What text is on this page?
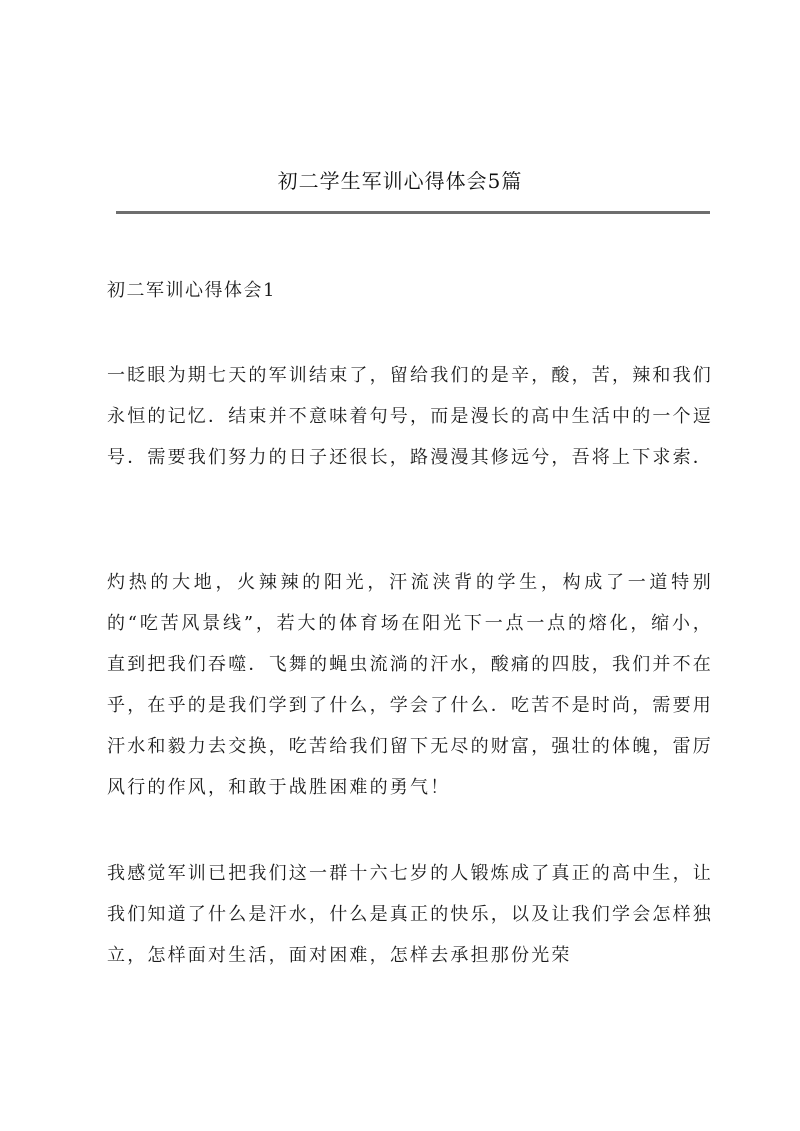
初二学生军训心得体会5篇
初二军训心得体会1

一眨眼为期七天的军训结束了，留给我们的是辛，酸，苦，辣和我们永恒的记忆．结束并不意味着句号，而是漫长的高中生活中的一个逗号．需要我们努力的日子还很长，路漫漫其修远兮，吾将上下求索．

灼热的大地，火辣辣的阳光，汗流浃背的学生，构成了一道特别的“吃苦风景线”，若大的体育场在阳光下一点一点的熔化，缩小，直到把我们吞噬．飞舞的蝇虫流淌的汗水，酸痛的四肢，我们并不在乎，在乎的是我们学到了什么，学会了什么．吃苦不是时尚，需要用汗水和毅力去交换，吃苦给我们留下无尽的财富，强壮的体魄，雷厉风行的作风，和敢于战胜困难的勇气！

我感觉军训已把我们这一群十六七岁的人锻炼成了真正的高中生，让我们知道了什么是汗水，什么是真正的快乐，以及让我们学会怎样独立，怎样面对生活，面对困难，怎样去承担那份光荣
